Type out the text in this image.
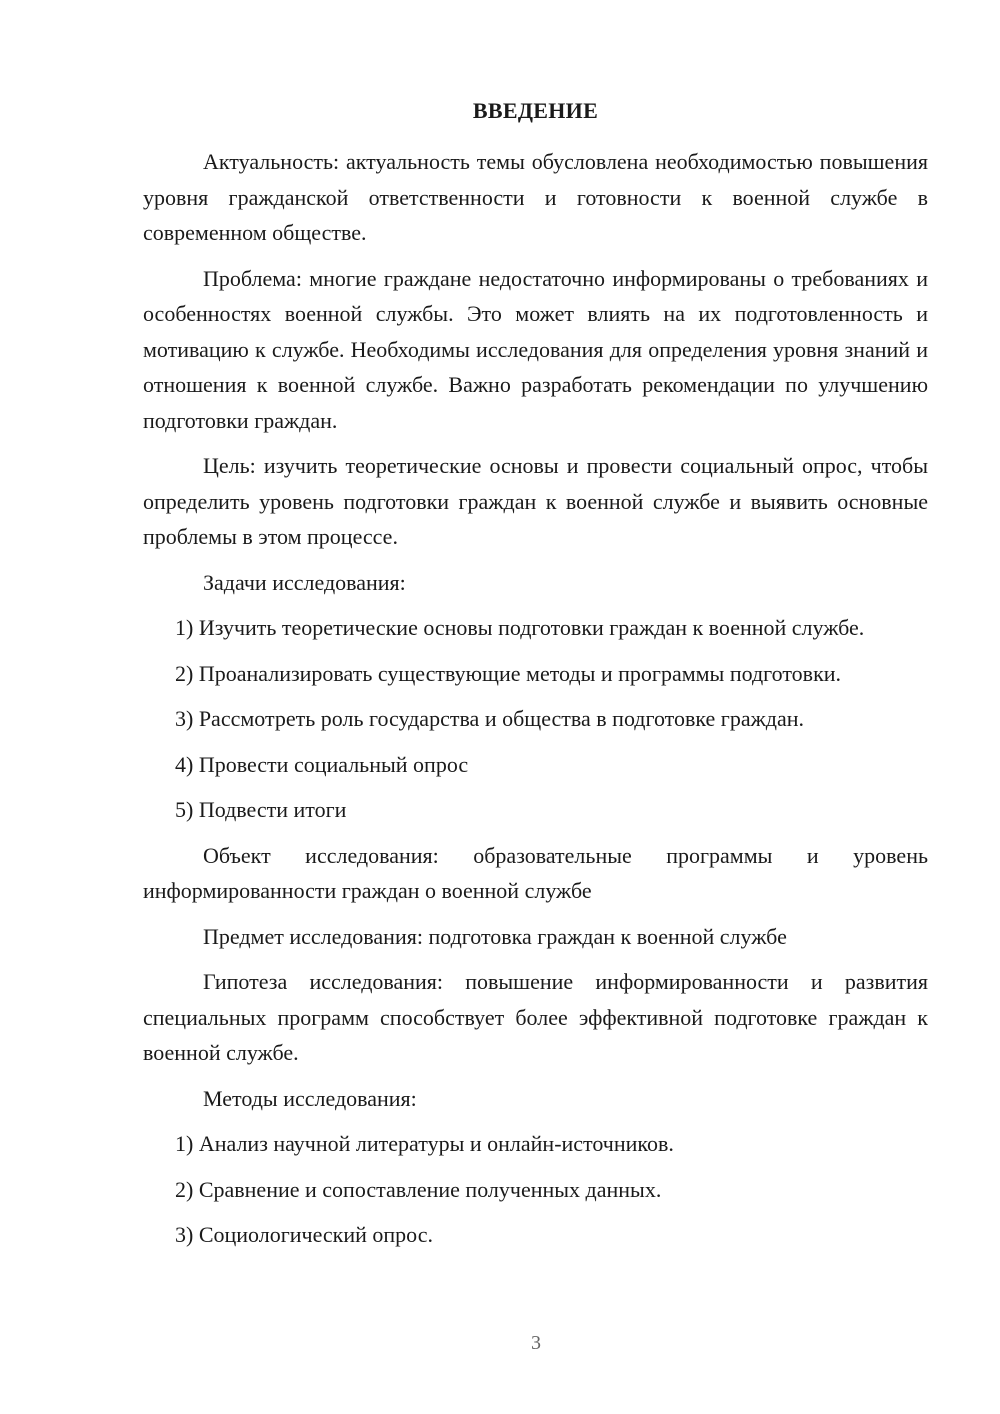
ВВЕДЕНИЕ

Актуальность: актуальность темы обусловлена необходимостью повышения уровня гражданской ответственности и готовности к военной службе в современном обществе.

Проблема: многие граждане недостаточно информированы о требованиях и особенностях военной службы. Это может влиять на их подготовленность и мотивацию к службе. Необходимы исследования для определения уровня знаний и отношения к военной службе. Важно разработать рекомендации по улучшению подготовки граждан.

Цель: изучить теоретические основы и провести социальный опрос, чтобы определить уровень подготовки граждан к военной службе и выявить основные проблемы в этом процессе.

Задачи исследования:

1) Изучить теоретические основы подготовки граждан к военной службе.

2) Проанализировать существующие методы и программы подготовки.

3) Рассмотреть роль государства и общества в подготовке граждан.

4) Провести социальный опрос

5) Подвести итоги

Объект исследования: образовательные программы и уровень информированности граждан о военной службе

Предмет исследования: подготовка граждан к военной службе

Гипотеза исследования: повышение информированности и развития специальных программ способствует более эффективной подготовке граждан к военной службе.

Методы исследования:

1) Анализ научной литературы и онлайн-источников.

2) Сравнение и сопоставление полученных данных.

3) Социологический опрос.

3
